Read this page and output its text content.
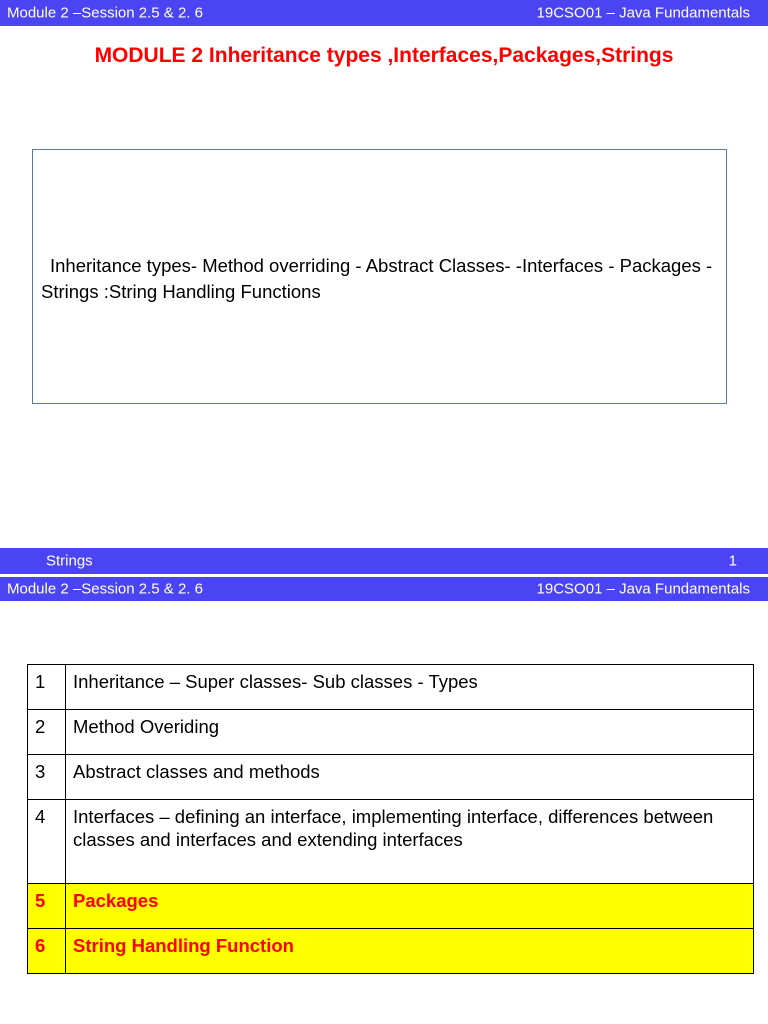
Module 2 –Session 2.5 & 2. 6	19CSO01 – Java Fundamentals
MODULE 2 Inheritance types ,Interfaces,Packages,Strings
Inheritance types- Method overriding - Abstract Classes- -Interfaces - Packages - Strings :String Handling Functions
Strings	1
Module 2 –Session 2.5 & 2. 6	19CSO01 – Java Fundamentals
1	Inheritance – Super classes- Sub classes - Types
2	Method Overiding
3	Abstract classes and methods
4	Interfaces – defining an interface, implementing interface, differences between classes and interfaces and extending interfaces
5	Packages
6	String Handling Function
